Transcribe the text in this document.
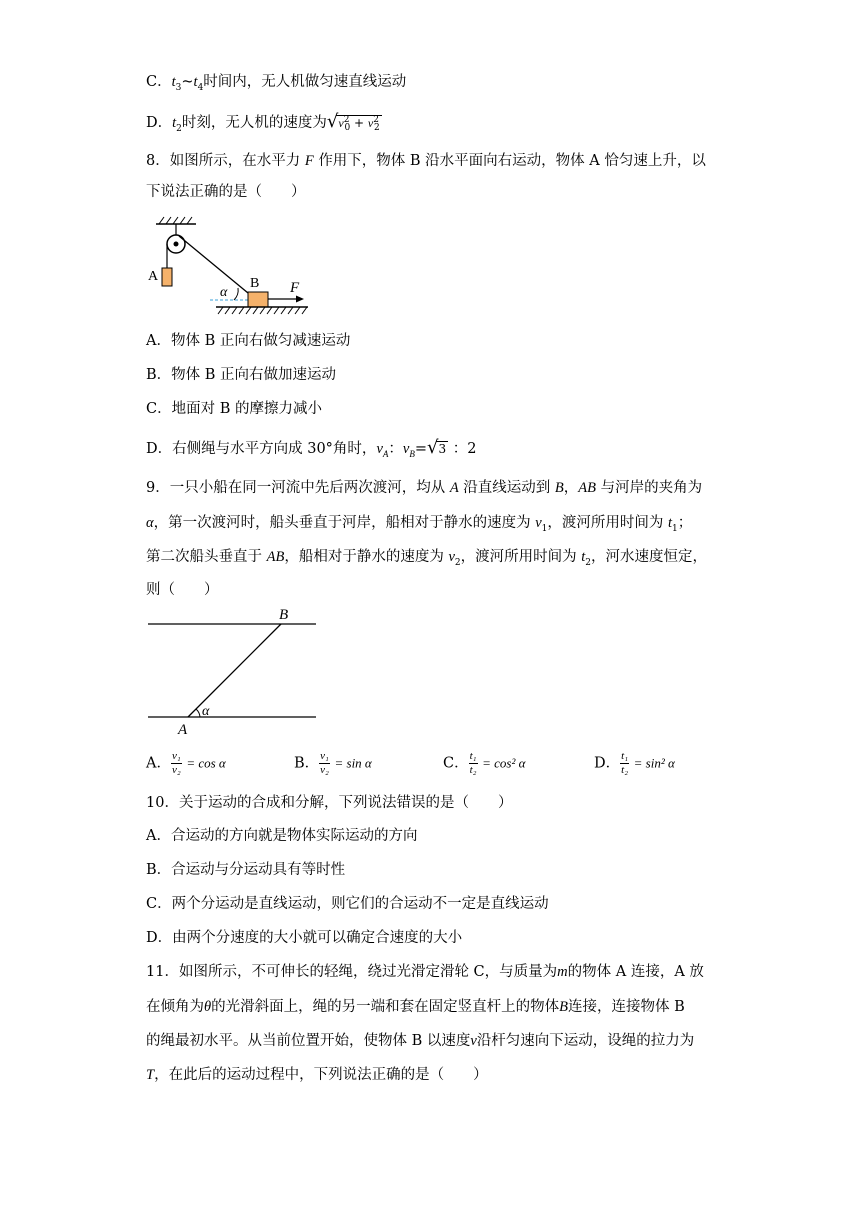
C．$t_3\sim t_4$时间内，无人机做匀速直线运动
D．$t_2$时刻，无人机的速度为$√v^2_0 + v^2_2$
8．如图所示，在水平力 F 作用下，物体 B 沿水平面向右运动，物体 A 恰匀速上升，以
下说法正确的是（　　）
A
α
B F
A．物体 B 正向右做匀减速运动
B．物体 B 正向右做加速运动
C．地面对 B 的摩擦力减小
D．右侧绳与水平方向成 30°角时，$v_A$：$v_B=√3$ ：2
9．一只小船在同一河流中先后两次渡河，均从 A 沿直线运动到 B，AB 与河岸的夹角为
α，第一次渡河时，船头垂直于河岸，船相对于静水的速度为 $v_1$，渡河所用时间为 $t_1$；
第二次船头垂直于 AB，船相对于静水的速度为 $v_2$，渡河所用时间为 $t_2$，河水速度恒定，
则（　　）
B
A
α
A． $\frac{\text{v₁}}{\text{v₂}} = \cos \alpha$	B． $\frac{\text{v₁}}{\text{v₂}} = \sin \alpha$	C． $\frac{\text{t₁}}{\text{t₂}} = \cos^2$ α	D． $\frac{\text{t₁}}{\text{t₂}} = \sin^2$ α
10．关于运动的合成和分解，下列说法错误的是（　　）
A．合运动的方向就是物体实际运动的方向
B．合运动与分运动具有等时性
C．两个分运动是直线运动，则它们的合运动不一定是直线运动
D．由两个分速度的大小就可以确定合速度的大小
11．如图所示，不可伸长的轻绳，绕过光滑定滑轮 C，与质量为m的物体 A 连接，A 放
在倾角为θ的光滑斜面上，绳的另一端和套在固定竖直杆上的物体B连接，连接物体 B
的绳最初水平。从当前位置开始，使物体 B 以速度v沿杆匀速向下运动，设绳的拉力为
T，在此后的运动过程中，下列说法正确的是（　　）
